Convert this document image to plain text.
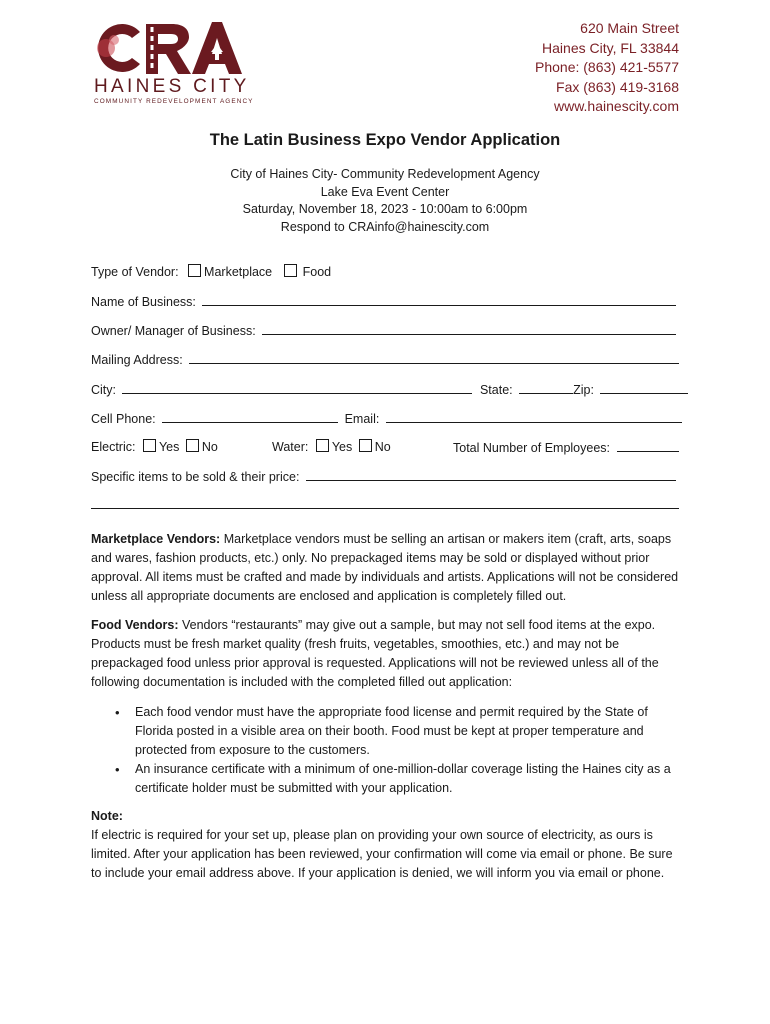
HAINES CITY
COMMUNITY REDEVELOPMENT AGENCY
620 Main Street
Haines City, FL 33844
Phone: (863) 421-5577
Fax (863) 419-3168
www.hainescity.com
The Latin Business Expo Vendor Application
City of Haines City- Community Redevelopment Agency
Lake Eva Event Center
Saturday, November 18, 2023 - 10:00am to 6:00pm
Respond to CRAinfo@hainescity.com
Type of Vendor: Marketplace Food
Name of Business:
Owner/ Manager of Business:
Mailing Address:
City:	State:	Zip:
Cell Phone:	Email:
Electric: Yes No	Water: Yes No	Total Number of Employees:
Specific items to be sold & their price:
Marketplace Vendors: Marketplace vendors must be selling an artisan or makers item (craft, arts, soaps and wares, fashion products, etc.) only. No prepackaged items may be sold or displayed without prior approval. All items must be crafted and made by individuals and artists. Applications will not be considered unless all appropriate documents are enclosed and application is completely filled out.
Food Vendors: Vendors “restaurants” may give out a sample, but may not sell food items at the expo. Products must be fresh market quality (fresh fruits, vegetables, smoothies, etc.) and may not be prepackaged food unless prior approval is requested. Applications will not be reviewed unless all of the following documentation is included with the completed filled out application:
• Each food vendor must have the appropriate food license and permit required by the State of Florida posted in a visible area on their booth. Food must be kept at proper temperature and protected from exposure to the customers.
• An insurance certificate with a minimum of one-million-dollar coverage listing the Haines city as a certificate holder must be submitted with your application.
Note:
If electric is required for your set up, please plan on providing your own source of electricity, as ours is limited. After your application has been reviewed, your confirmation will come via email or phone. Be sure to include your email address above. If your application is denied, we will inform you via email or phone.
